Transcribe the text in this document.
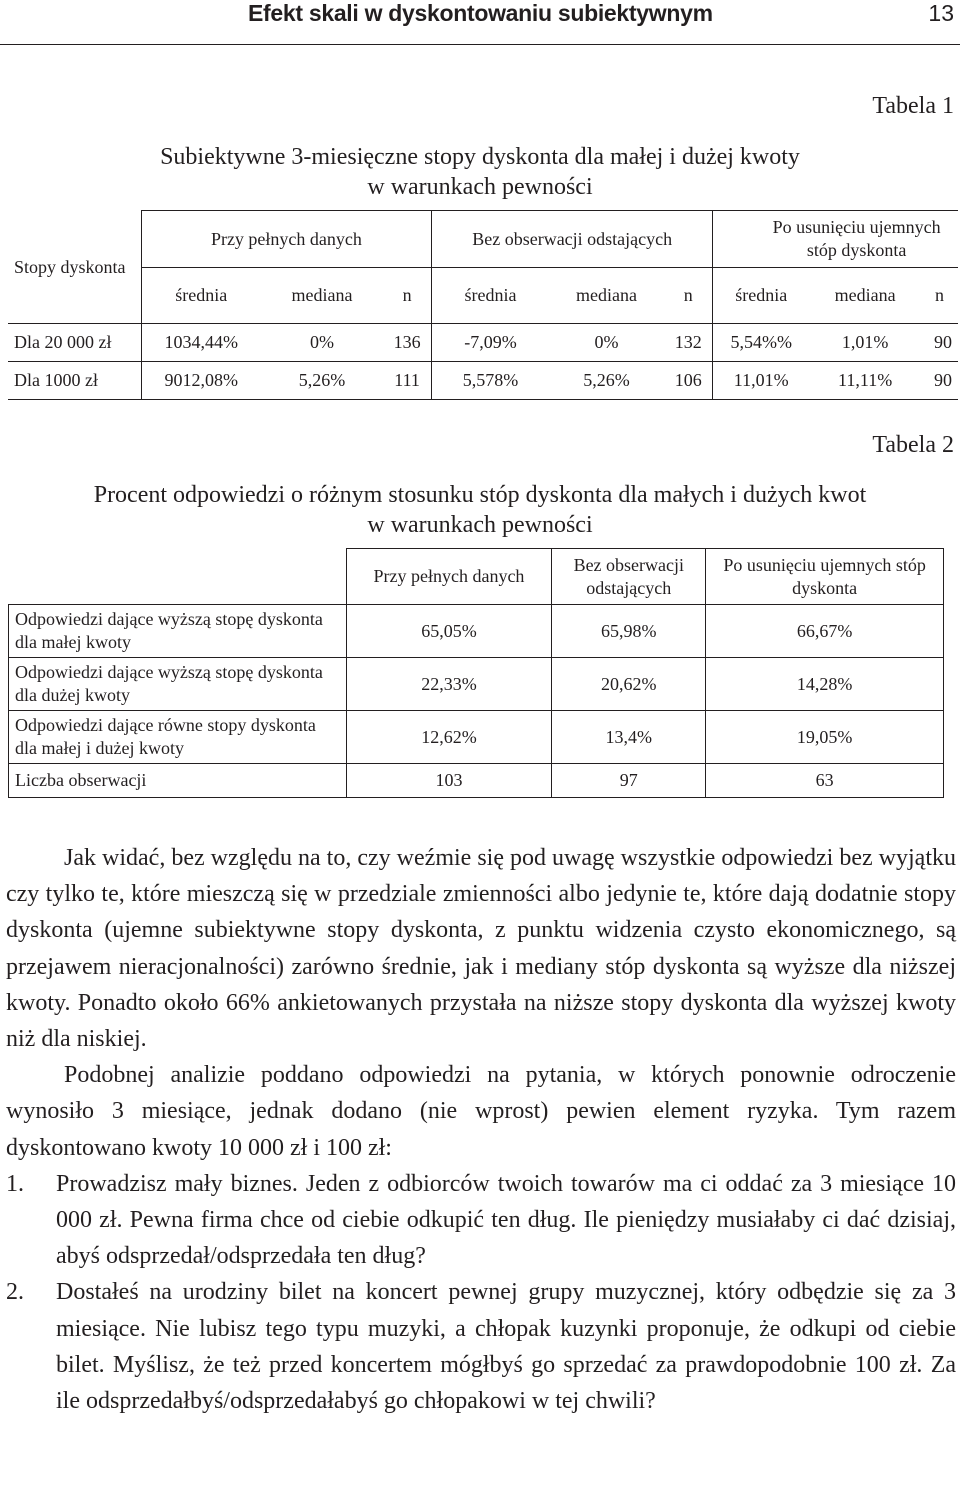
Efekt skali w dyskontowaniu subiektywnym	13
Tabela 1
Subiektywne 3-miesięczne stopy dyskonta dla małej i dużej kwoty
w warunkach pewności
Stopy dyskonta	Przy pełnych danych			Bez obserwacji odstających			Po usunięciu ujemnych stóp dyskonta		
	średnia	mediana	n	średnia	mediana	n	średnia	mediana	n
Dla 20 000 zł	1034,44%	0%	136	-7,09%	0%	132	5,54%%	1,01%	90
Dla 1000 zł	9012,08%	5,26%	111	5,578%	5,26%	106	11,01%	11,11%	90
Tabela 2
Procent odpowiedzi o różnym stosunku stóp dyskonta dla małych i dużych kwot
w warunkach pewności
	Przy pełnych danych	Bez obserwacji odstających	Po usunięciu ujemnych stóp dyskonta
Odpowiedzi dające wyższą stopę dyskonta dla małej kwoty	65,05%	65,98%	66,67%
Odpowiedzi dające wyższą stopę dyskonta dla dużej kwoty	22,33%	20,62%	14,28%
Odpowiedzi dające równe stopy dyskonta dla małej i dużej kwoty	12,62%	13,4%	19,05%
Liczba obserwacji	103	97	63

Jak widać, bez względu na to, czy weźmie się pod uwagę wszystkie odpowiedzi bez wyjątku czy tylko te, które mieszczą się w przedziale zmienności albo jedynie te, które dają dodatnie stopy dyskonta (ujemne subiektywne stopy dyskonta, z punktu widzenia czysto ekonomicznego, są przejawem nieracjonalności) zarówno średnie, jak i mediany stóp dyskonta są wyższe dla niższej kwoty. Ponadto około 66% ankietowanych przystała na niższe stopy dyskonta dla wyższej kwoty niż dla niskiej.

Podobnej analizie poddano odpowiedzi na pytania, w których ponownie odroczenie wynosiło 3 miesiące, jednak dodano (nie wprost) pewien element ryzyka. Tym razem dyskontowano kwoty 10 000 zł i 100 zł:

1. Prowadzisz mały biznes. Jeden z odbiorców twoich towarów ma ci oddać za 3 miesiące 10 000 zł. Pewna firma chce od ciebie odkupić ten dług. Ile pieniędzy musiałaby ci dać dzisiaj, abyś odsprzedał/odsprzedała ten dług?
2. Dostałeś na urodziny bilet na koncert pewnej grupy muzycznej, który odbędzie się za 3 miesiące. Nie lubisz tego typu muzyki, a chłopak kuzynki proponuje, że odkupi od ciebie bilet. Myślisz, że też przed koncertem mógłbyś go sprzedać za prawdopodobnie 100 zł. Za ile odsprzedałbyś/odsprzedałabyś go chłopakowi w tej chwili?
